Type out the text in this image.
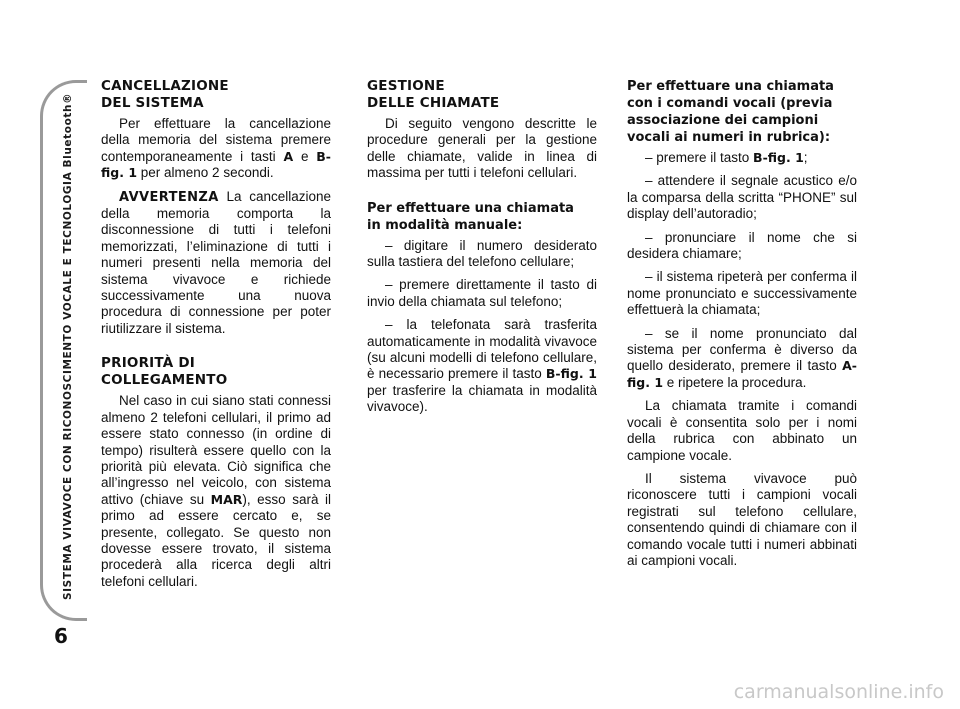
SISTEMA VIVAVOCE CON RICONOSCIMENTO VOCALE E TECNOLOGIA Bluetooth®
6
CANCELLAZIONE
DEL SISTEMA

Per effettuare la cancellazione della memoria del sistema premere contemporaneamente i tasti A e B-fig. 1 per almeno 2 secondi.

AVVERTENZA La cancellazione della memoria comporta la disconnessione di tutti i telefoni memorizzati, l’eliminazione di tutti i numeri presenti nella memoria del sistema vivavoce e richiede successivamente una nuova procedura di connessione per poter riutilizzare il sistema.

PRIORITÀ DI
COLLEGAMENTO

Nel caso in cui siano stati connessi almeno 2 telefoni cellulari, il primo ad essere stato connesso (in ordine di tempo) risulterà essere quello con la priorità più elevata. Ciò significa che all’ingresso nel veicolo, con sistema attivo (chiave su MAR), esso sarà il primo ad essere cercato e, se presente, collegato. Se questo non dovesse essere trovato, il sistema procederà alla ricerca degli altri telefoni cellulari.

GESTIONE
DELLE CHIAMATE

Di seguito vengono descritte le procedure generali per la gestione delle chiamate, valide in linea di massima per tutti i telefoni cellulari.

Per effettuare una chiamata
in modalità manuale:

– digitare il numero desiderato sulla tastiera del telefono cellulare;

– premere direttamente il tasto di invio della chiamata sul telefono;

– la telefonata sarà trasferita automaticamente in modalità vivavoce (su alcuni modelli di telefono cellulare, è necessario premere il tasto B-fig. 1 per trasferire la chiamata in modalità vivavoce).

Per effettuare una chiamata
con i comandi vocali (previa
associazione dei campioni
vocali ai numeri in rubrica):

– premere il tasto B-fig. 1;

– attendere il segnale acustico e/o la comparsa della scritta “PHONE” sul display dell’autoradio;

– pronunciare il nome che si desidera chiamare;

– il sistema ripeterà per conferma il nome pronunciato e successivamente effettuerà la chiamata;

– se il nome pronunciato dal sistema per conferma è diverso da quello desiderato, premere il tasto A-fig. 1 e ripetere la procedura.

La chiamata tramite i comandi vocali è consentita solo per i nomi della rubrica con abbinato un campione vocale.

Il sistema vivavoce può riconoscere tutti i campioni vocali registrati sul telefono cellulare, consentendo quindi di chiamare con il comando vocale tutti i numeri abbinati ai campioni vocali.

carmanualsonline.info
